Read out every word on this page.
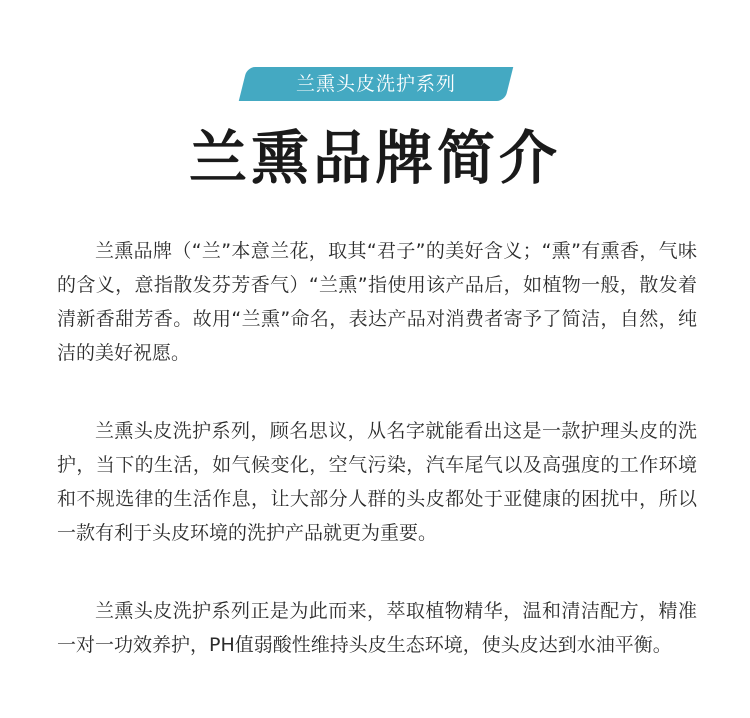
兰熏头皮洗护系列
兰熏品牌简介

兰熏品牌（“兰”本意兰花，取其“君子”的美好含义；“熏”有熏香，气味的含义，意指散发芬芳香气）“兰熏”指使用该产品后，如植物一般，散发着清新香甜芳香。故用“兰熏”命名，表达产品对消费者寄予了简洁，自然，纯洁的美好祝愿。

兰熏头皮洗护系列，顾名思议，从名字就能看出这是一款护理头皮的洗护，当下的生活，如气候变化，空气污染，汽车尾气以及高强度的工作环境和不规选律的生活作息，让大部分人群的头皮都处于亚健康的困扰中，所以一款有利于头皮环境的洗护产品就更为重要。

兰熏头皮洗护系列正是为此而来，萃取植物精华，温和清洁配方，精准 一对一功效养护，PH值弱酸性维持头皮生态环境，使头皮达到水油平衡。
